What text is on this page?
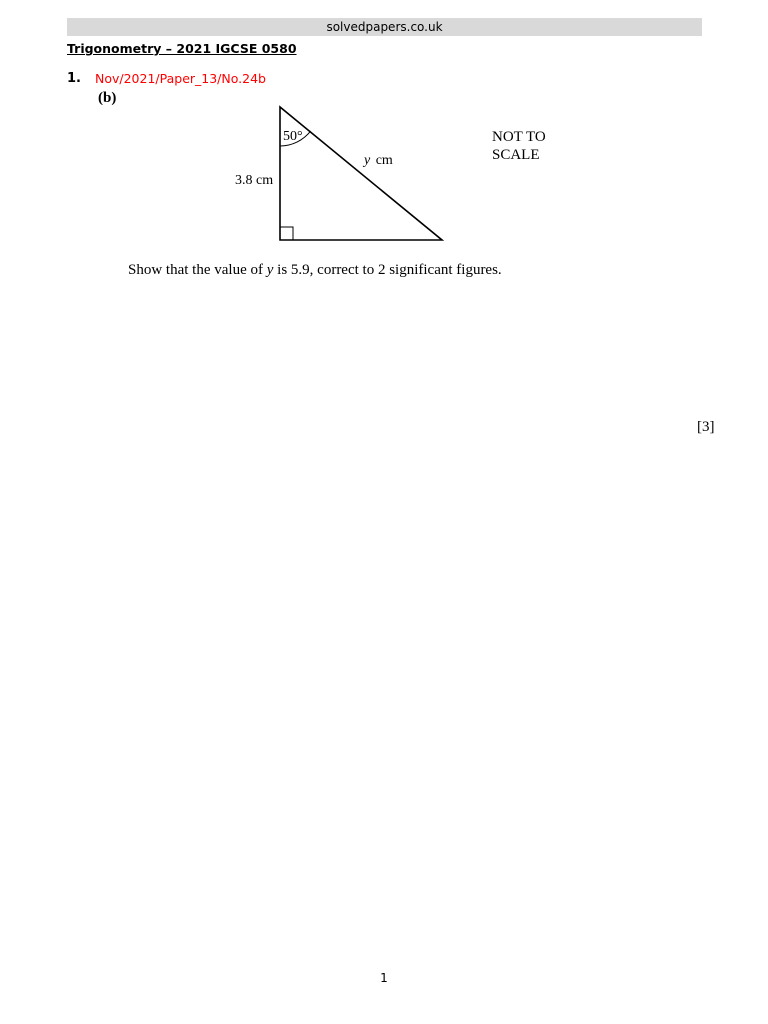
solvedpapers.co.uk
Trigonometry – 2021 IGCSE 0580
1. Nov/2021/Paper_13/No.24b
(b)
50°
y cm
3.8 cm
NOT TO
SCALE
Show that the value of y is 5.9, correct to 2 significant figures.
[3]
1
